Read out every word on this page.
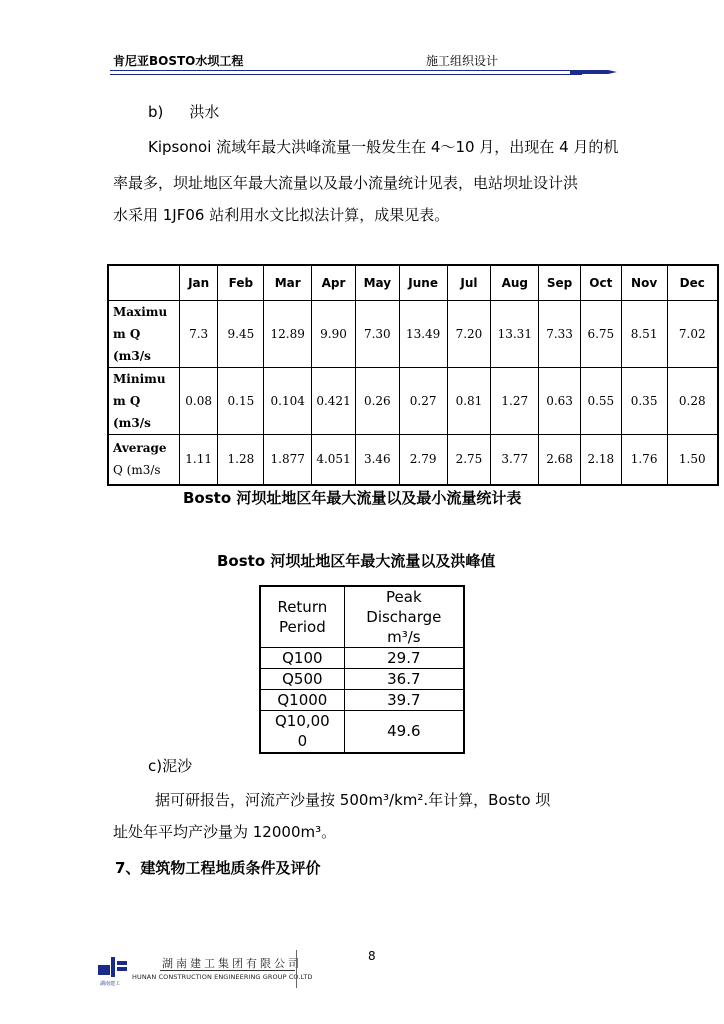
肯尼亚BOSTO水坝工程	施工组织设计
b) 洪水
Kipsonoi 流域年最大洪峰流量一般发生在 4～10 月，出现在 4 月的机
率最多，坝址地区年最大流量以及最小流量统计见表，电站坝址设计洪
水采用 1JF06 站利用水文比拟法计算，成果见表。
	Jan	Feb	Mar	Apr	May	June	Jul	Aug	Sep	Oct	Nov	Dec

Maximu
m Q
(m3/s	7.3	9.45	12.89	9.90	7.30	13.49	7.20	13.31	7.33	6.75	8.51	7.02

Minimu
m Q
(m3/s	0.08	0.15	0.104	0.421	0.26	0.27	0.81	1.27	0.63	0.55	0.35	0.28

Average
Q (m3/s	1.11	1.28	1.877	4.051	3.46	2.79	2.75	3.77	2.68	2.18	1.76	1.50
Bosto 河坝址地区年最大流量以及最小流量统计表
Bosto 河坝址地区年最大流量以及洪峰值
Return Period	Peak Discharge
m³/s

Q100	29.7
Q500	36.7
Q1000	39.7
Q10,000	49.6
c)泥沙
据可研报告，河流产沙量按 500m³/km².年计算，Bosto 坝
址处年平均产沙量为 12000m³。
7、建筑物工程地质条件及评价
8
湖南建工
湖南建工集团有限公司
HUNAN CONSTRUCTION ENGINEERING GROUP CO.LTD
